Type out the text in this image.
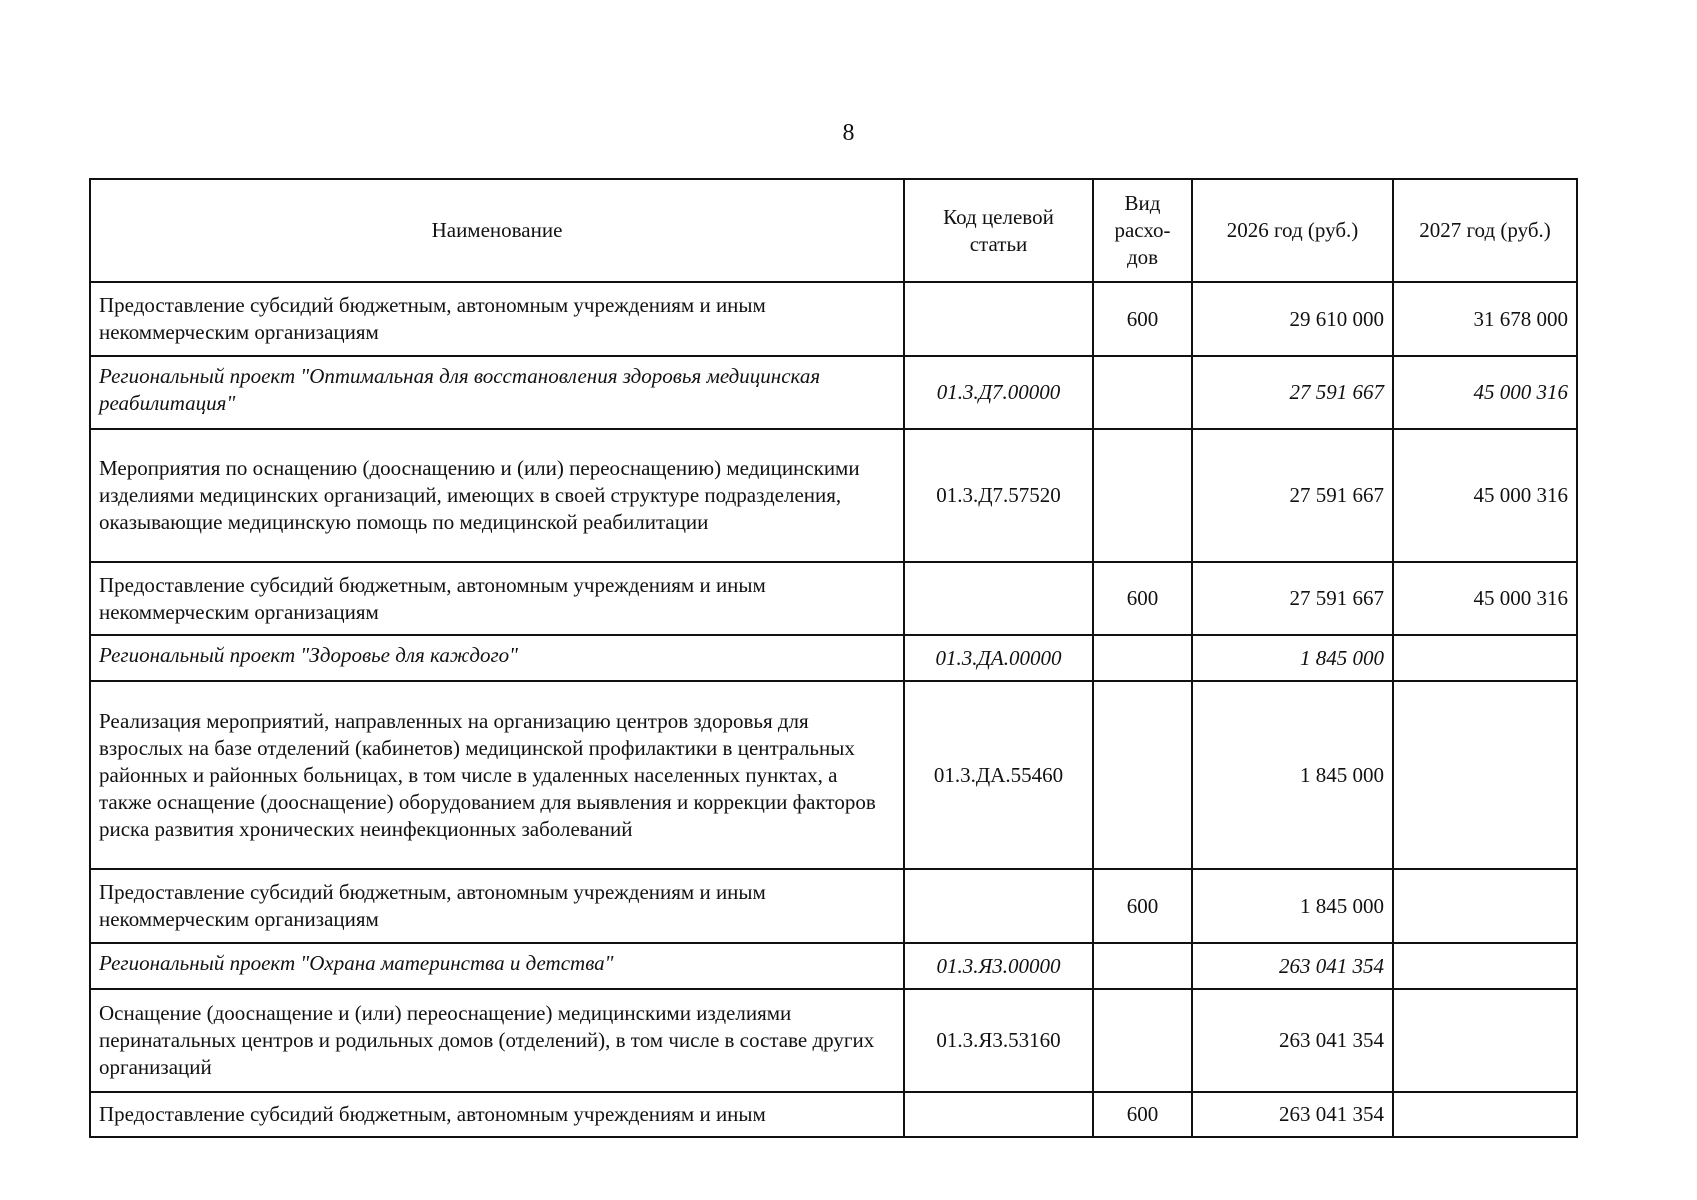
8
Наименование	Код целевой статьи	Вид расхо-дов	2026 год (руб.)	2027 год (руб.)
Предоставление субсидий бюджетным, автономным учреждениям и иным некоммерческим организациям		600	29 610 000	31 678 000
Региональный проект "Оптимальная для восстановления здоровья медицинская реабилитация"	01.3.Д7.00000		27 591 667	45 000 316
Мероприятия по оснащению (дооснащению и (или) переоснащению) медицинскими изделиями медицинских организаций, имеющих в своей структуре подразделения, оказывающие медицинскую помощь по медицинской реабилитации	01.3.Д7.57520		27 591 667	45 000 316
Предоставление субсидий бюджетным, автономным учреждениям и иным некоммерческим организациям		600	27 591 667	45 000 316
Региональный проект "Здоровье для каждого"	01.3.ДА.00000		1 845 000	
Реализация мероприятий, направленных на организацию центров здоровья для взрослых на базе отделений (кабинетов) медицинской профилактики в центральных районных и районных больницах, в том числе в удаленных населенных пунктах, а также оснащение (дооснащение) оборудованием для выявления и коррекции факторов риска развития хронических неинфекционных заболеваний	01.3.ДА.55460		1 845 000	
Предоставление субсидий бюджетным, автономным учреждениям и иным некоммерческим организациям		600	1 845 000	
Региональный проект "Охрана материнства и детства"	01.3.Я3.00000		263 041 354	
Оснащение (дооснащение и (или) переоснащение) медицинскими изделиями перинатальных центров и родильных домов (отделений), в том числе в составе других организаций	01.3.Я3.53160		263 041 354	
Предоставление субсидий бюджетным, автономным учреждениям и иным		600	263 041 354	
